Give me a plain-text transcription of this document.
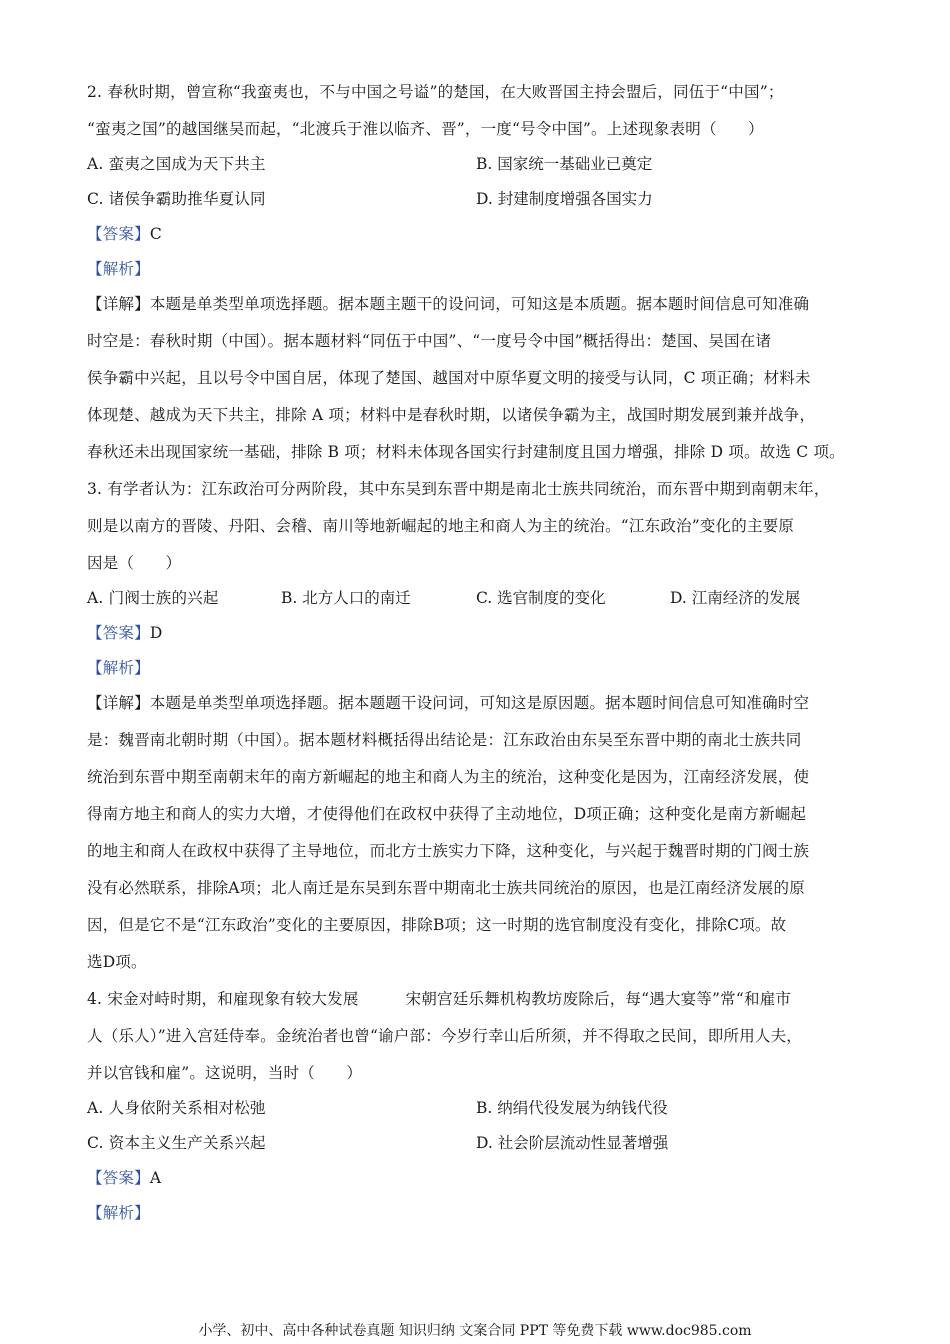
2. 春秋时期，曾宣称“我蛮夷也，不与中国之号谥”的楚国，在大败晋国主持会盟后，同伍于“中国”；
“蛮夷之国”的越国继吴而起，“北渡兵于淮以临齐、晋”，一度“号令中国”。上述现象表明（　　）
A. 蛮夷之国成为天下共主	B. 国家统一基础业已奠定
C. 诸侯争霸助推华夏认同	D. 封建制度增强各国实力
【答案】C
【解析】
【详解】本题是单类型单项选择题。据本题主题干的设问词，可知这是本质题。据本题时间信息可知准确
时空是：春秋时期（中国）。据本题材料“同伍于中国”、“一度号令中国”概括得出：楚国、吴国在诸
侯争霸中兴起，且以号令中国自居，体现了楚国、越国对中原华夏文明的接受与认同，C 项正确；材料未
体现楚、越成为天下共主，排除 A 项；材料中是春秋时期，以诸侯争霸为主，战国时期发展到兼并战争，
春秋还未出现国家统一基础，排除 B 项；材料未体现各国实行封建制度且国力增强，排除 D 项。故选 C 项。
3. 有学者认为：江东政治可分两阶段，其中东吴到东晋中期是南北士族共同统治，而东晋中期到南朝末年，
则是以南方的晋陵、丹阳、会稽、南川等地新崛起的地主和商人为主的统治。“江东政治”变化的主要原
因是（　　）
A. 门阀士族的兴起	B. 北方人口的南迁	C. 选官制度的变化	D. 江南经济的发展
【答案】D
【解析】
【详解】本题是单类型单项选择题。据本题题干设问词，可知这是原因题。据本题时间信息可知准确时空
是：魏晋南北朝时期（中国）。据本题材料概括得出结论是：江东政治由东吴至东晋中期的南北士族共同
统治到东晋中期至南朝末年的南方新崛起的地主和商人为主的统治，这种变化是因为，江南经济发展，使
得南方地主和商人的实力大增，才使得他们在政权中获得了主动地位，D项正确；这种变化是南方新崛起
的地主和商人在政权中获得了主导地位，而北方士族实力下降，这种变化，与兴起于魏晋时期的门阀士族
没有必然联系，排除A项；北人南迁是东吴到东晋中期南北士族共同统治的原因，也是江南经济发展的原
因，但是它不是“江东政治”变化的主要原因，排除B项；这一时期的选官制度没有变化，排除C项。故
选D项。
4. 宋金对峙时期，和雇现象有较大发展　　　宋朝宫廷乐舞机构教坊废除后，每“遇大宴等”常“和雇市
人（乐人）”进入宫廷侍奉。金统治者也曾“谕户部：今岁行幸山后所须，并不得取之民间，即所用人夫，
并以官钱和雇”。这说明，当时（　　）
A. 人身依附关系相对松弛	B. 纳绢代役发展为纳钱代役
C. 资本主义生产关系兴起	D. 社会阶层流动性显著增强
【答案】A
【解析】
小学、初中、高中各种试卷真题 知识归纳 文案合同 PPT 等免费下载 www.doc985.com
